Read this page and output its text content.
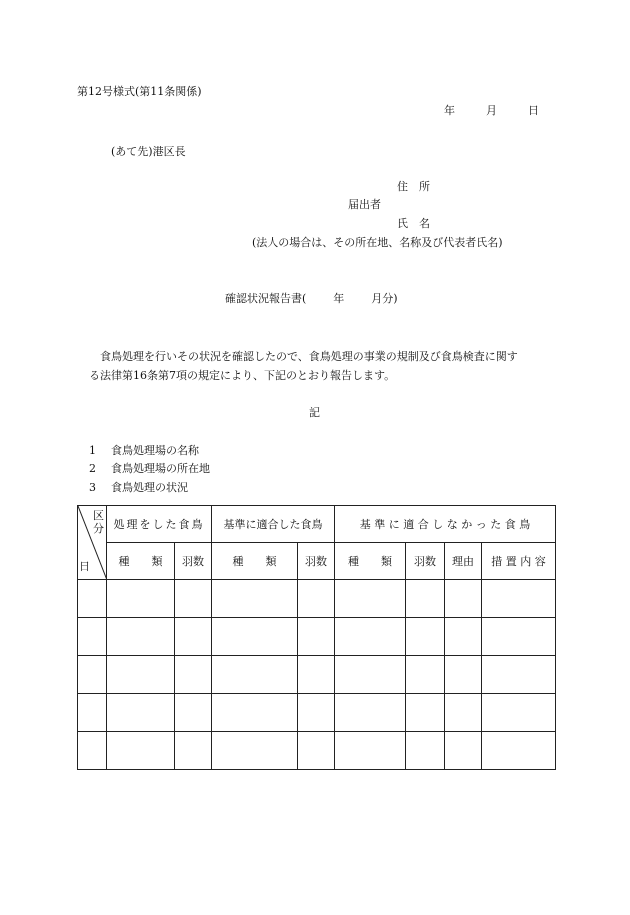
第12号様式(第11条関係)
年	月	日
(あて先)港区長
住　所
届出者
氏　名
(法人の場合は、その所在地、名称及び代表者氏名)
確認状況報告書( 年 月分)
食鳥処理を行いその状況を確認したので、食鳥処理の事業の規制及び食鳥検査に関す
る法律第16条第7項の規定により、下記のとおり報告します。
記
1 食鳥処理場の名称
2 食鳥処理場の所在地
3 食鳥処理の状況
区
分
日	処理をした食鳥		基準に適合した食鳥		基 準 に 適 合 し な か っ た 食 鳥			
	種　　類	羽数	種　　類	羽数	種　　類	羽数	理由	措 置 内 容
